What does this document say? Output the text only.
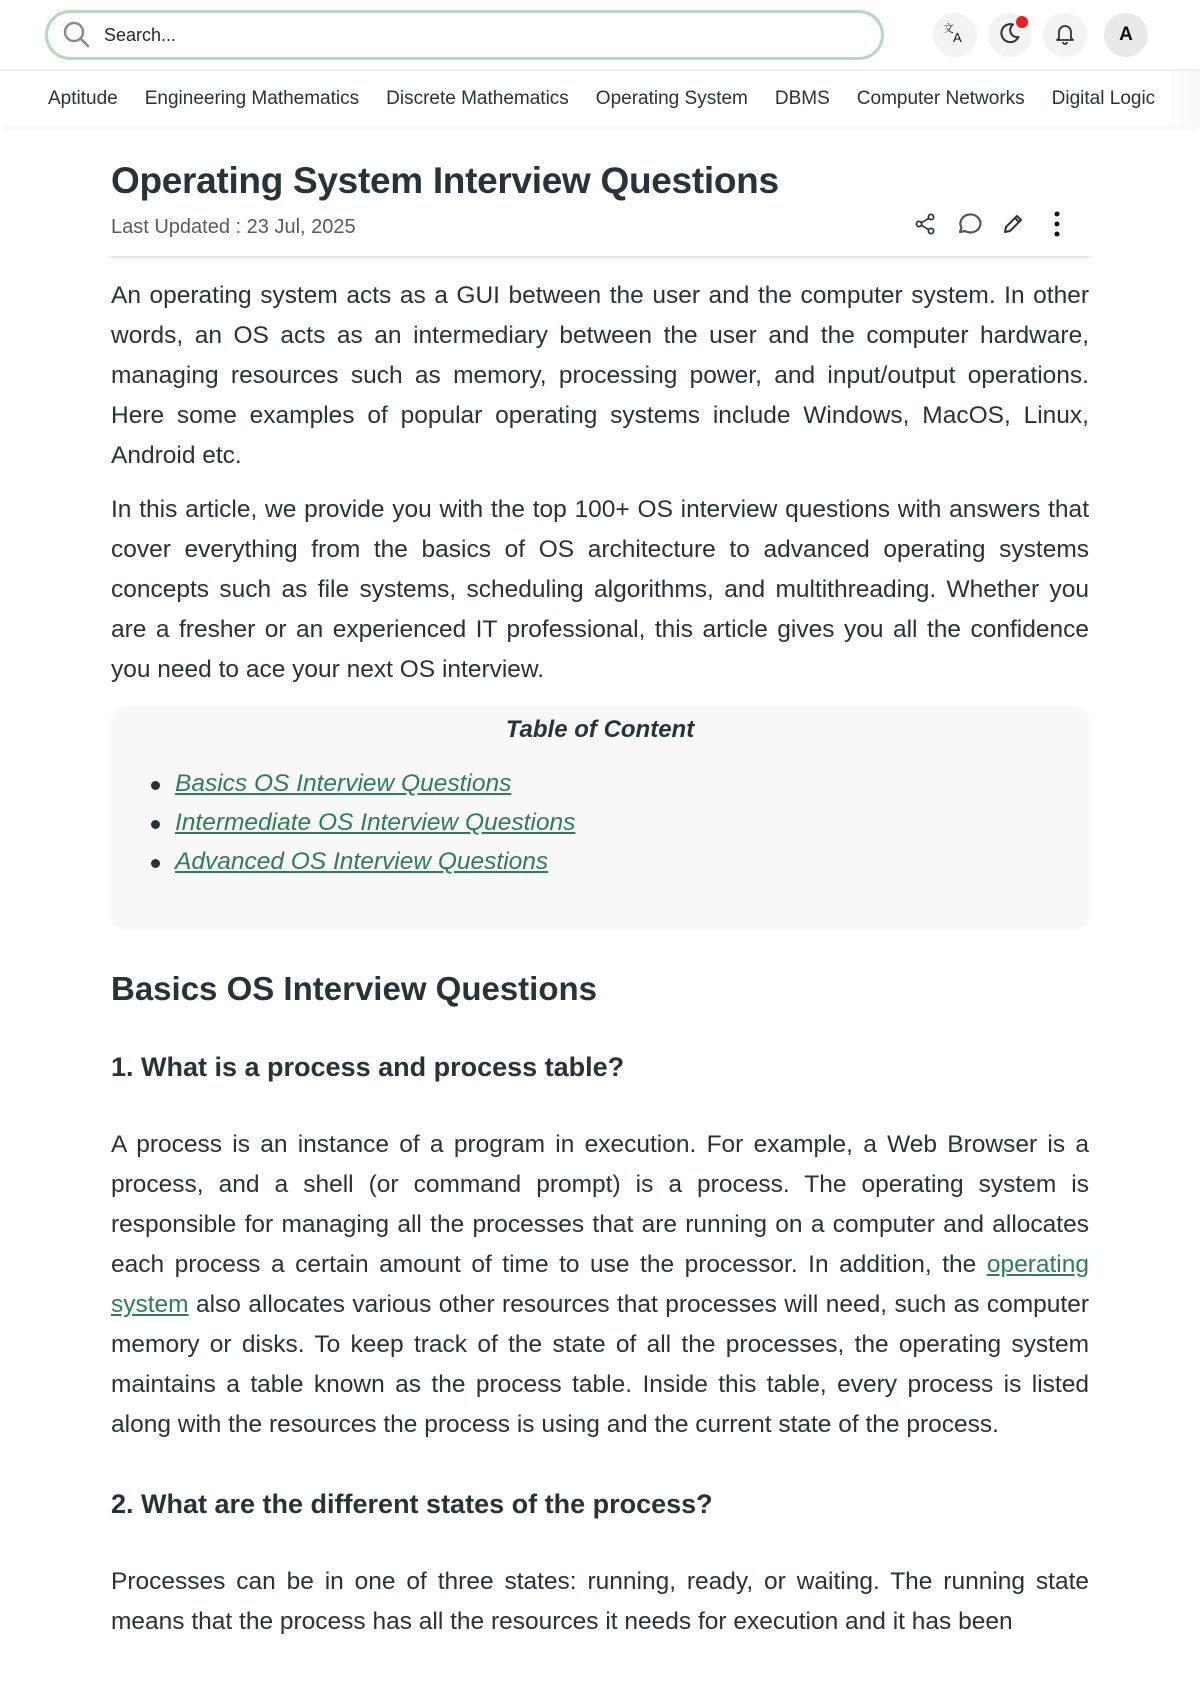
Search...
文
A	A
Aptitude Engineering Mathematics Discrete Mathematics Operating System DBMS Computer Networks Digital Logic
Operating System Interview Questions
Last Updated : 23 Jul, 2025

An operating system acts as a GUI between the user and the computer system. In other words, an OS acts as an intermediary between the user and the computer hardware, managing resources such as memory, processing power, and input/output operations. Here some examples of popular operating systems include Windows, MacOS, Linux, Android etc.

In this article, we provide you with the top 100+ OS interview questions with answers that cover everything from the basics of OS architecture to advanced operating systems concepts such as file systems, scheduling algorithms, and multithreading. Whether you are a fresher or an experienced IT professional, this article gives you all the confidence you need to ace your next OS interview.

Table of Content
Basics OS Interview Questions
Intermediate OS Interview Questions
Advanced OS Interview Questions
Basics OS Interview Questions
1. What is a process and process table?

A process is an instance of a program in execution. For example, a Web Browser is a process, and a shell (or command prompt) is a process. The operating system is responsible for managing all the processes that are running on a computer and allocates each process a certain amount of time to use the processor. In addition, the operating system also allocates various other resources that processes will need, such as computer memory or disks. To keep track of the state of all the processes, the operating system maintains a table known as the process table. Inside this table, every process is listed along with the resources the process is using and the current state of the process.

2. What are the different states of the process?

Processes can be in one of three states: running, ready, or waiting. The running state means that the process has all the resources it needs for execution and it has been
